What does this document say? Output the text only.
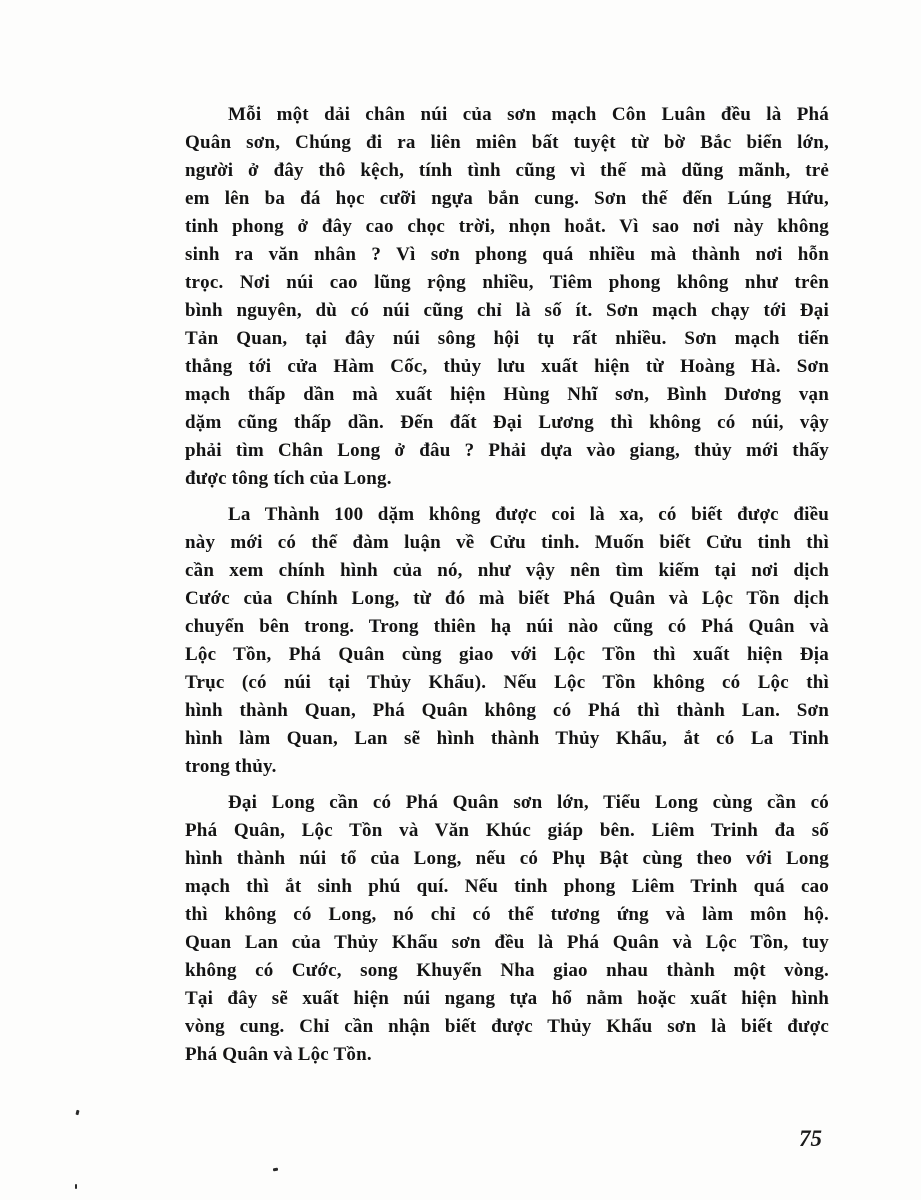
Mỗi một dải chân núi của sơn mạch Côn Luân đều là Phá
Quân sơn, Chúng đi ra liên miên bất tuyệt từ bờ Bắc biển lớn,
người ở đây thô kệch, tính tình cũng vì thế mà dũng mãnh, trẻ
em lên ba đá học cưỡi ngựa bắn cung. Sơn thế đến Lúng Hứu,
tinh phong ở đây cao chọc trời, nhọn hoắt. Vì sao nơi này không
sinh ra văn nhân ? Vì sơn phong quá nhiều mà thành nơi hỗn
trọc. Nơi núi cao lũng rộng nhiều, Tiêm phong không như trên
bình nguyên, dù có núi cũng chỉ là số ít. Sơn mạch chạy tới Đại
Tản Quan, tại đây núi sông hội tụ rất nhiều. Sơn mạch tiến
thẳng tới cửa Hàm Cốc, thủy lưu xuất hiện từ Hoàng Hà. Sơn
mạch thấp dần mà xuất hiện Hùng Nhĩ sơn, Bình Dương vạn
dặm cũng thấp dần. Đến đất Đại Lương thì không có núi, vậy
phải tìm Chân Long ở đâu ? Phải dựa vào giang, thủy mới thấy
được tông tích của Long.
La Thành 100 dặm không được coi là xa, có biết được điều
này mới có thể đàm luận về Cửu tinh. Muốn biết Cửu tinh thì
cần xem chính hình của nó, như vậy nên tìm kiếm tại nơi dịch
Cước của Chính Long, từ đó mà biết Phá Quân và Lộc Tồn dịch
chuyển bên trong. Trong thiên hạ núi nào cũng có Phá Quân và
Lộc Tồn, Phá Quân cùng giao với Lộc Tồn thì xuất hiện Địa
Trục (có núi tại Thủy Khẩu). Nếu Lộc Tồn không có Lộc thì
hình thành Quan, Phá Quân không có Phá thì thành Lan. Sơn
hình làm Quan, Lan sẽ hình thành Thủy Khẩu, ắt có La Tinh
trong thủy.
Đại Long cần có Phá Quân sơn lớn, Tiểu Long cùng cần có
Phá Quân, Lộc Tồn và Văn Khúc giáp bên. Liêm Trinh đa số
hình thành núi tổ của Long, nếu có Phụ Bật cùng theo với Long
mạch thì ắt sinh phú quí. Nếu tinh phong Liêm Trinh quá cao
thì không có Long, nó chỉ có thể tương ứng và làm môn hộ.
Quan Lan của Thủy Khẩu sơn đều là Phá Quân và Lộc Tồn, tuy
không có Cước, song Khuyển Nha giao nhau thành một vòng.
Tại đây sẽ xuất hiện núi ngang tựa hổ nằm hoặc xuất hiện hình
vòng cung. Chỉ cần nhận biết được Thủy Khẩu sơn là biết được
Phá Quân và Lộc Tồn.
75
